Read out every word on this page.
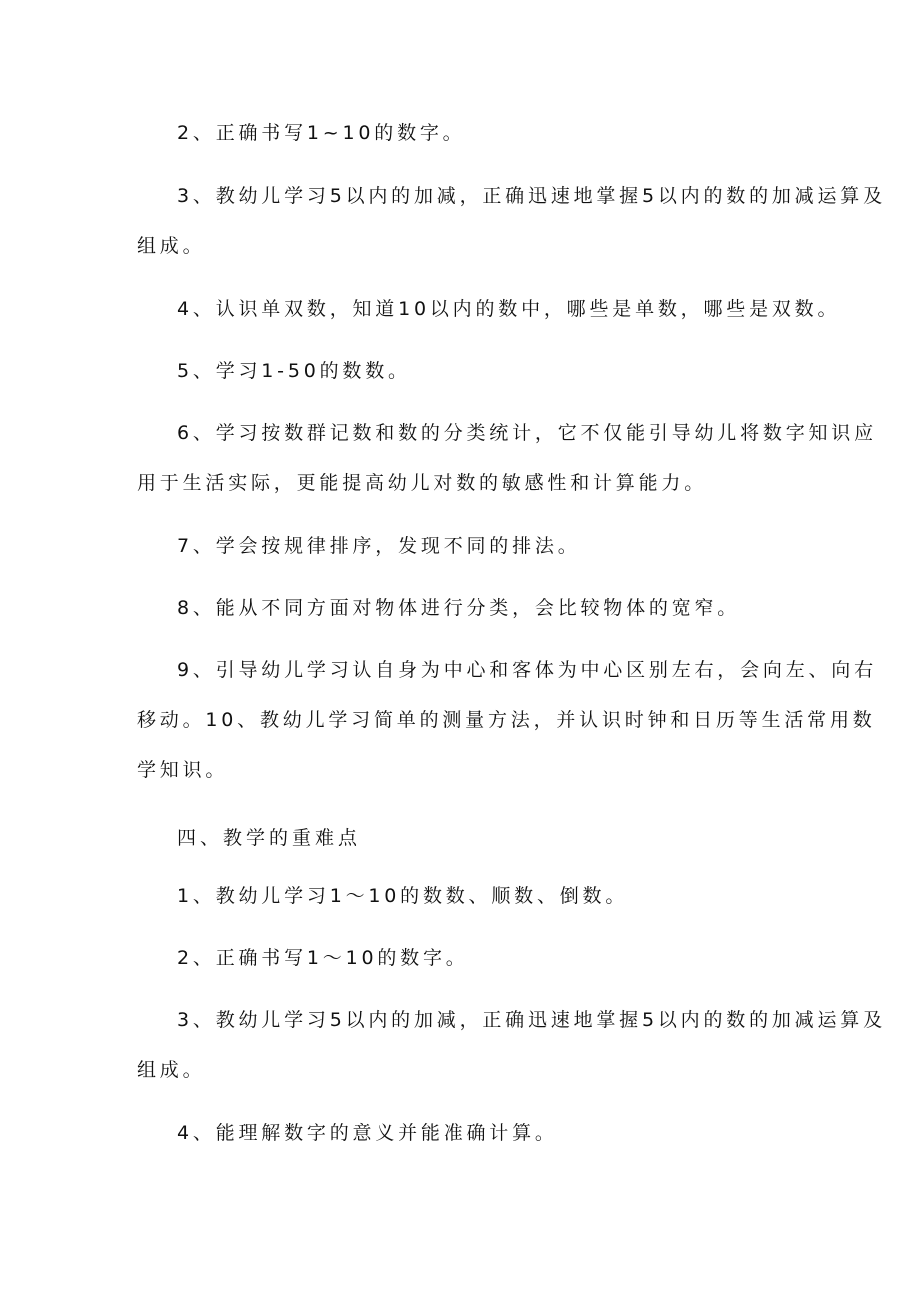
2、正确书写1~10的数字。
3、教幼儿学习5以内的加减，正确迅速地掌握5以内的数的加减运算及
组成。
4、认识单双数，知道10以内的数中，哪些是单数，哪些是双数。
5、学习1-50的数数。
6、学习按数群记数和数的分类统计，它不仅能引导幼儿将数字知识应
用于生活实际，更能提高幼儿对数的敏感性和计算能力。
7、学会按规律排序，发现不同的排法。
8、能从不同方面对物体进行分类，会比较物体的宽窄。
9、引导幼儿学习认自身为中心和客体为中心区别左右，会向左、向右
移动。10、教幼儿学习简单的测量方法，并认识时钟和日历等生活常用数
学知识。
四、教学的重难点
1、教幼儿学习1～10的数数、顺数、倒数。
2、正确书写1～10的数字。
3、教幼儿学习5以内的加减，正确迅速地掌握5以内的数的加减运算及
组成。
4、能理解数字的意义并能准确计算。
